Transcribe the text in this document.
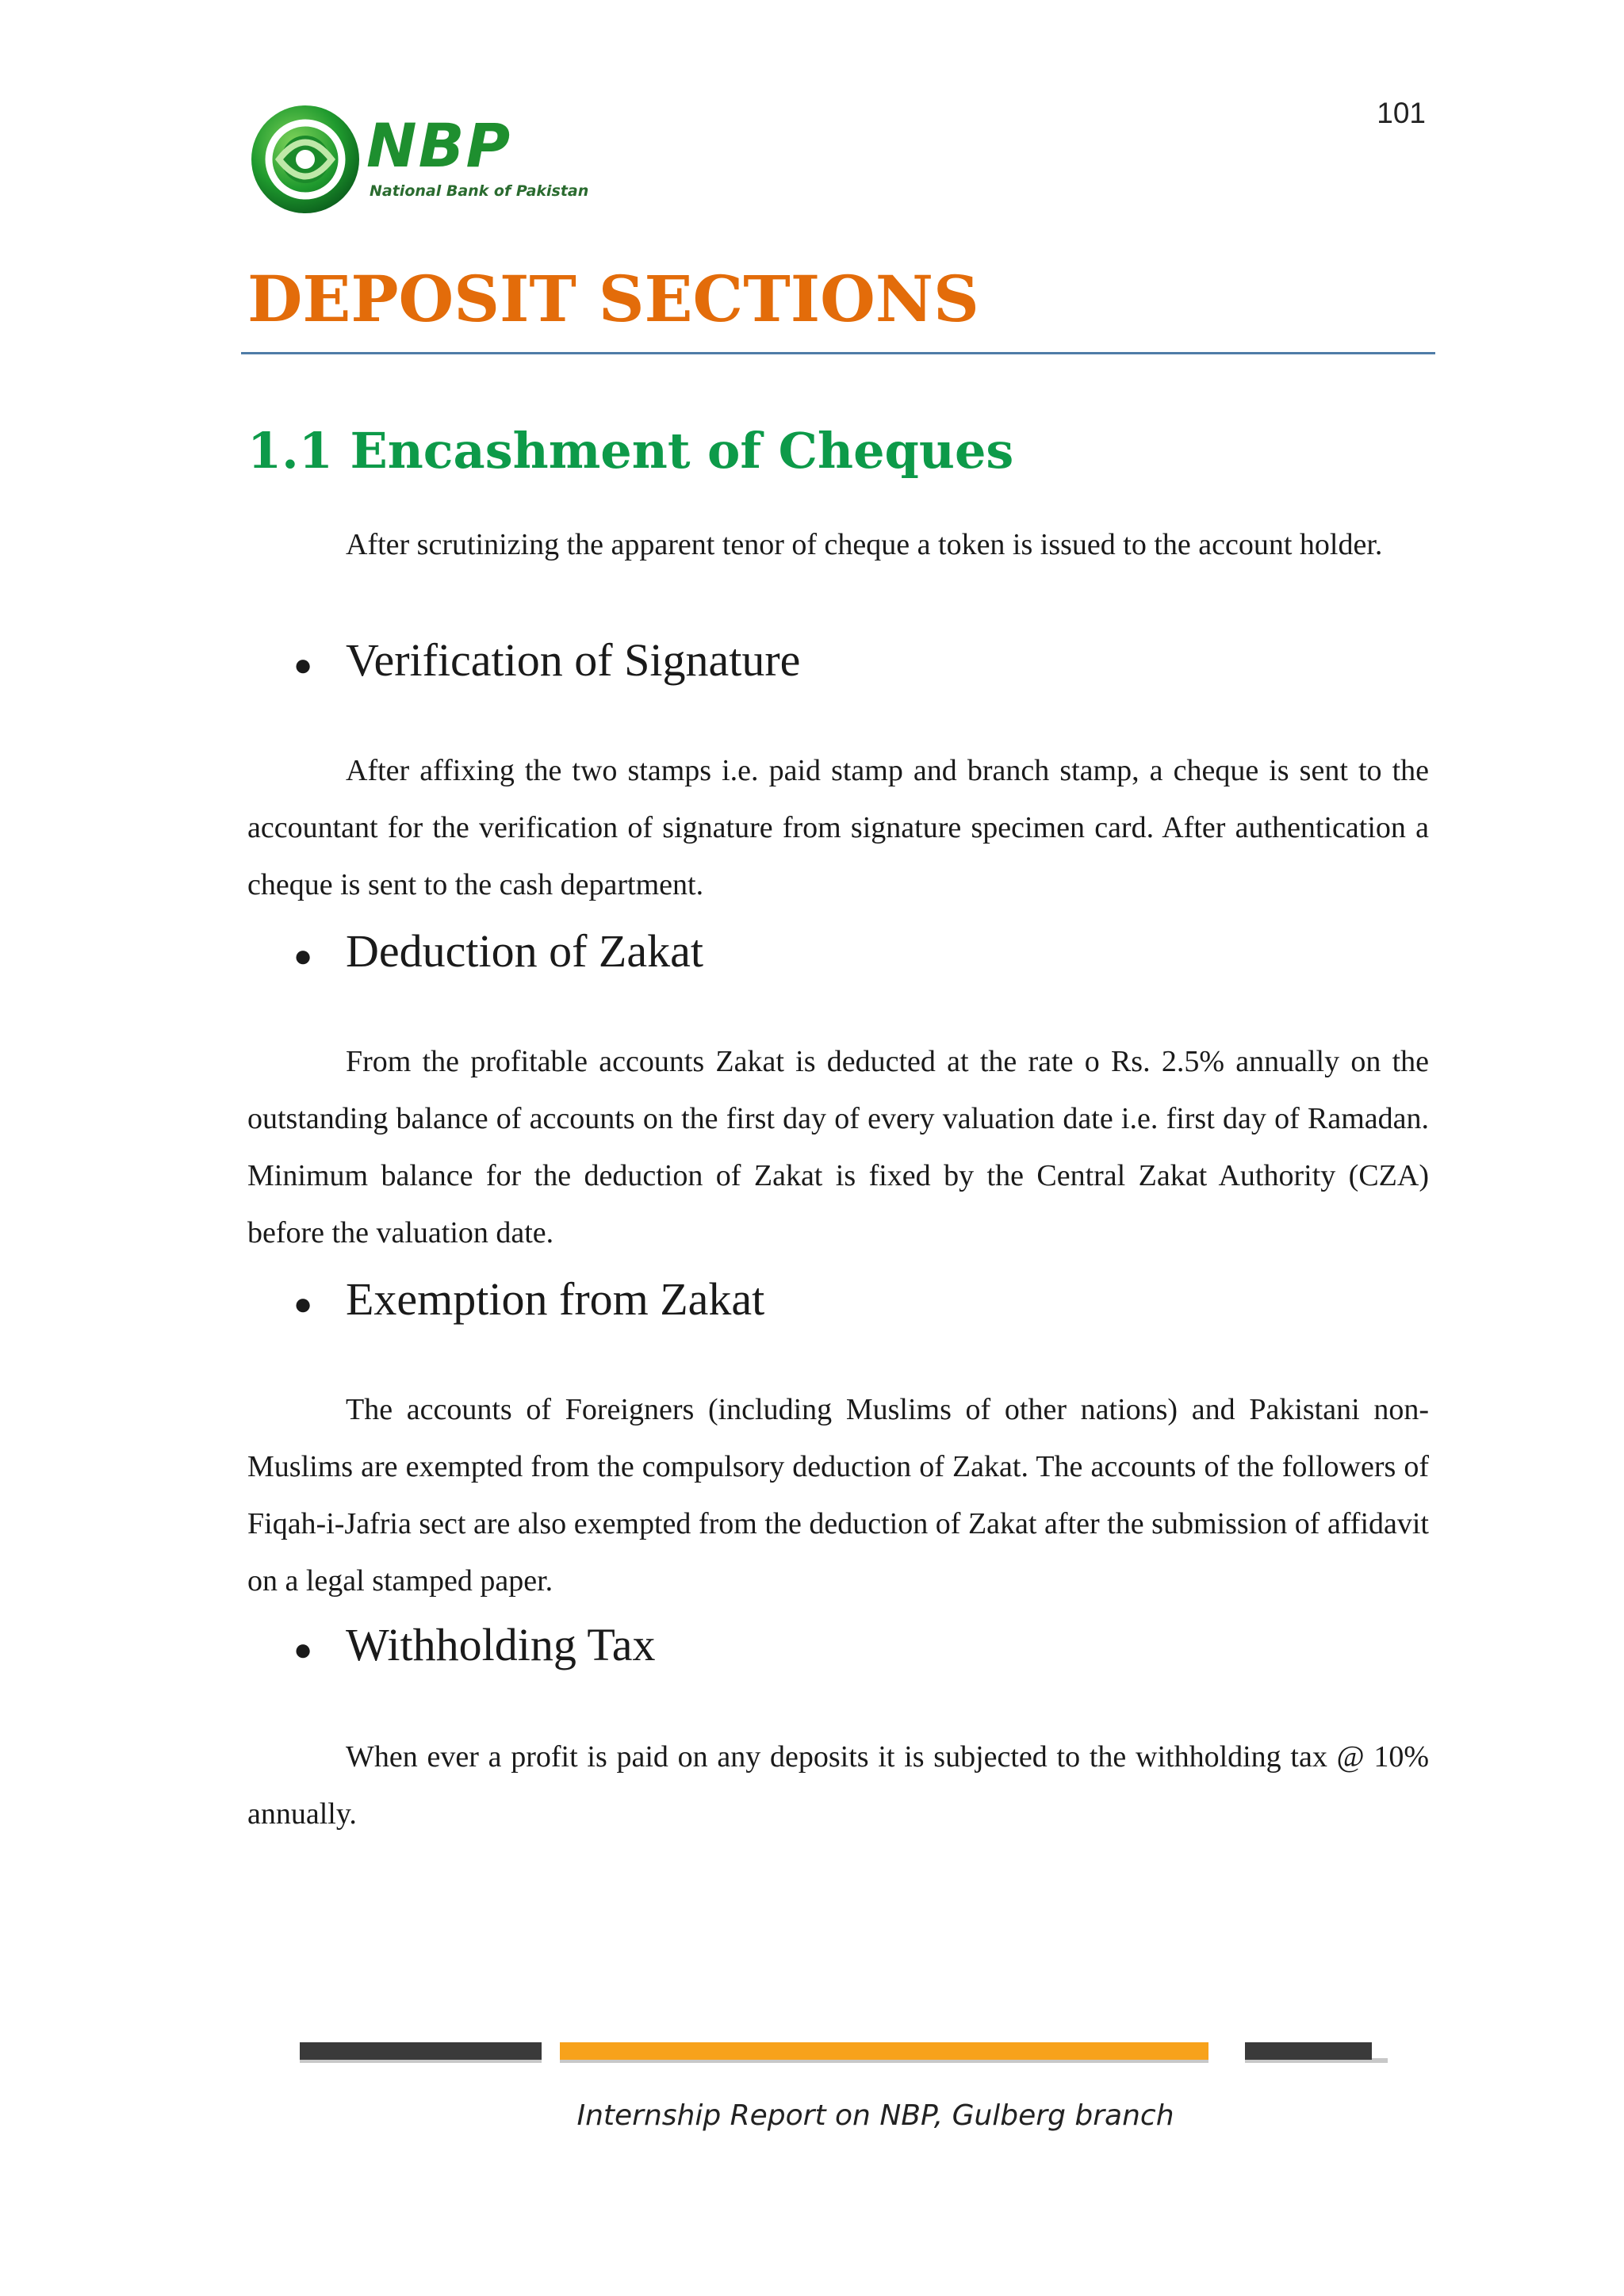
101
NBP
National Bank of Pakistan
DEPOSIT SECTIONS
1.1 Encashment of Cheques

After scrutinizing the apparent tenor of cheque a token is issued to the account holder.

● Verification of Signature

After affixing the two stamps i.e. paid stamp and branch stamp, a cheque is sent to the accountant for the verification of signature from signature specimen card. After authentication a cheque is sent to the cash department.

● Deduction of Zakat

From the profitable accounts Zakat is deducted at the rate o Rs. 2.5% annually on the outstanding balance of accounts on the first day of every valuation date i.e. first day of Ramadan. Minimum balance for the deduction of Zakat is fixed by the Central Zakat Authority (CZA) before the valuation date.

● Exemption from Zakat

The accounts of Foreigners (including Muslims of other nations) and Pakistani non-Muslims are exempted from the compulsory deduction of Zakat. The accounts of the followers of Fiqah-i-Jafria sect are also exempted from the deduction of Zakat after the submission of affidavit on a legal stamped paper.

● Withholding Tax

When ever a profit is paid on any deposits it is subjected to the withholding tax @ 10% annually.

Internship Report on NBP, Gulberg branch
